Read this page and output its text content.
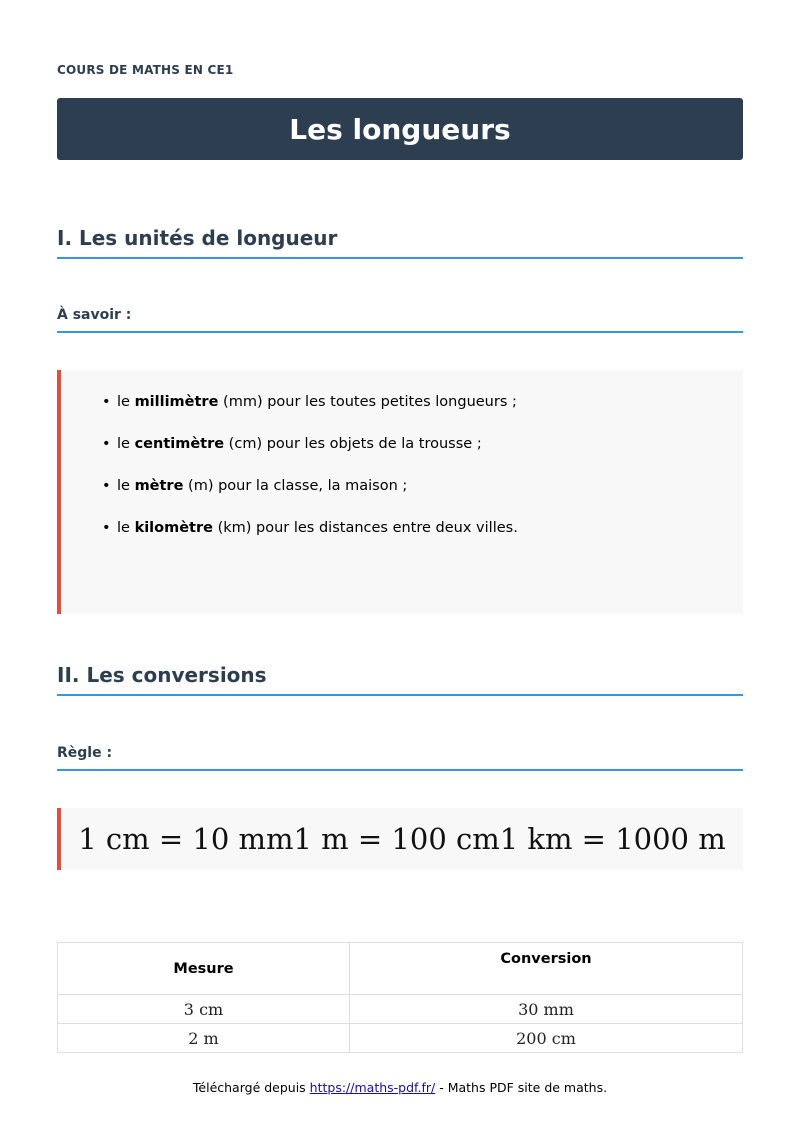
COURS DE MATHS EN CE1
Les longueurs
I. Les unités de longueur
À savoir :
• le millimètre (mm) pour les toutes petites longueurs ;
• le centimètre (cm) pour les objets de la trousse ;
• le mètre (m) pour la classe, la maison ;
• le kilomètre (km) pour les distances entre deux villes.
II. Les conversions
Règle :
1 cm = 10 mm1 m = 100 cm1 km = 1000 m
Mesure	Conversion
3 cm	30 mm
2 m	200 cm
Téléchargé depuis https://maths-pdf.fr/ - Maths PDF site de maths.
